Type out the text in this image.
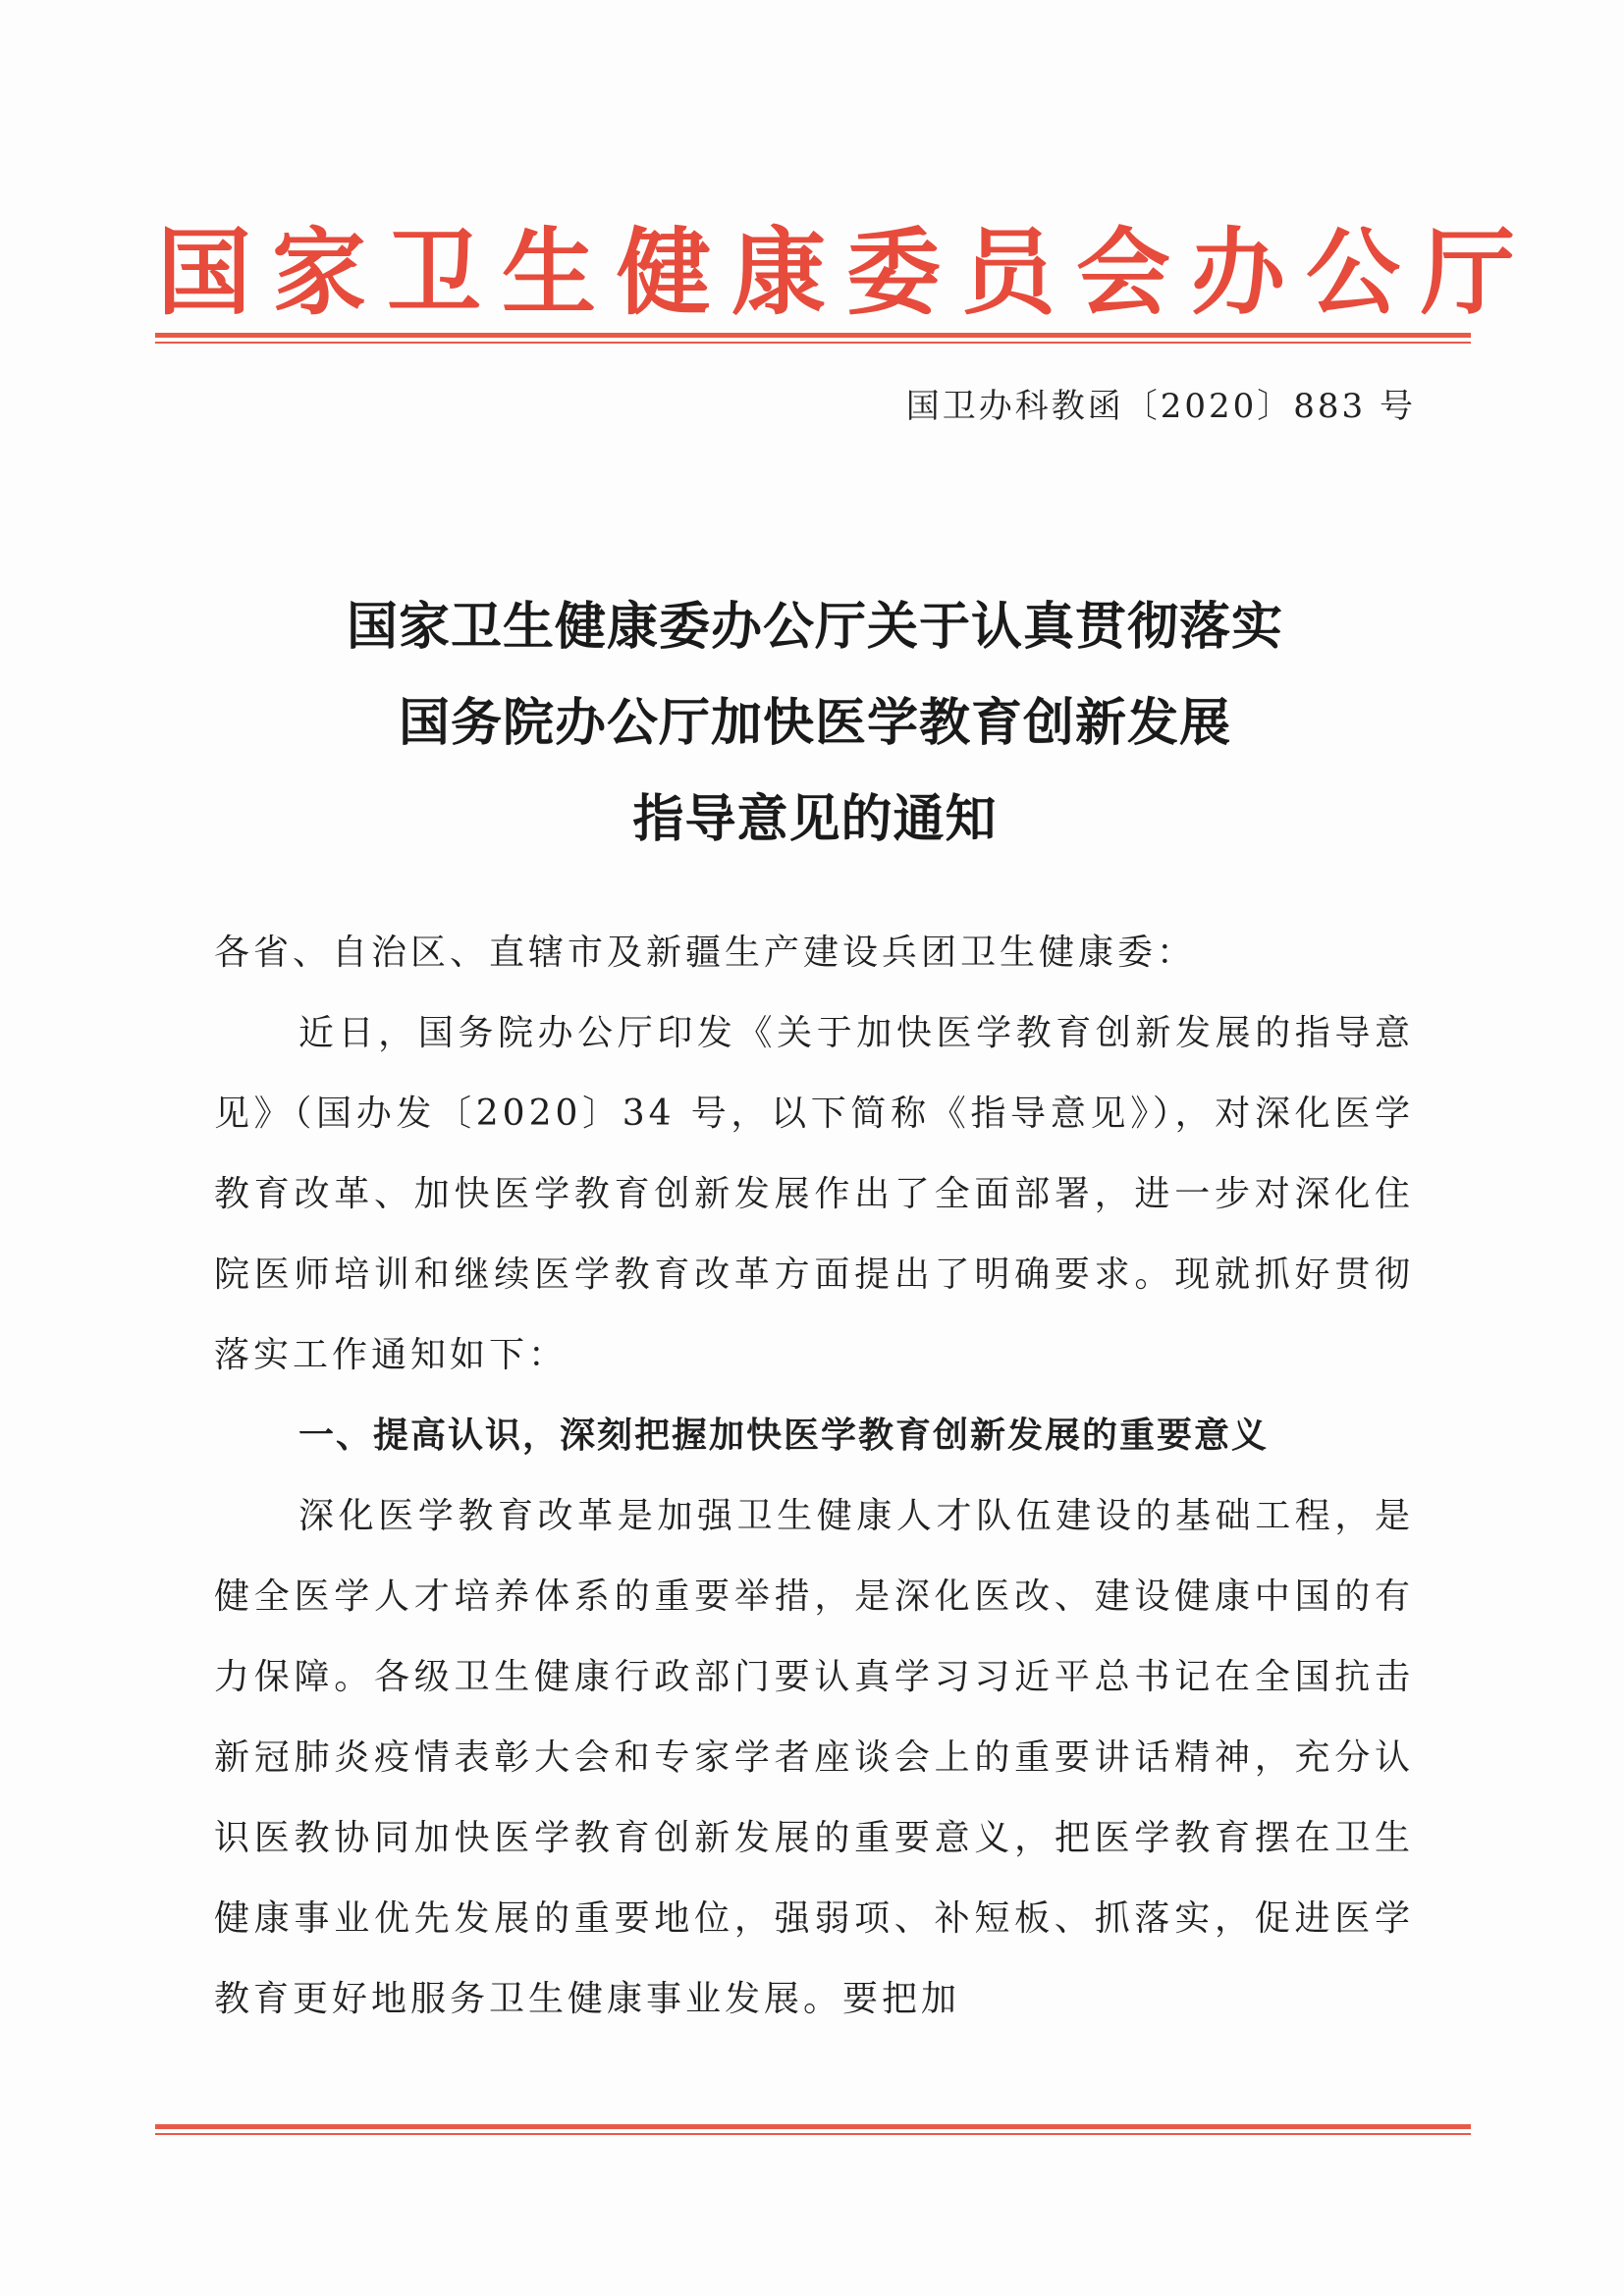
国家卫生健康委员会办公厅
国卫办科教函〔2020〕883 号
国家卫生健康委办公厅关于认真贯彻落实
国务院办公厅加快医学教育创新发展
指导意见的通知

各省、自治区、直辖市及新疆生产建设兵团卫生健康委：

近日，国务院办公厅印发《关于加快医学教育创新发展的指导意见》（国办发〔2020〕34 号，以下简称《指导意见》），对深化医学教育改革、加快医学教育创新发展作出了全面部署，进一步对深化住院医师培训和继续医学教育改革方面提出了明确要求。现就抓好贯彻落实工作通知如下：

一、提高认识，深刻把握加快医学教育创新发展的重要意义

深化医学教育改革是加强卫生健康人才队伍建设的基础工程，是健全医学人才培养体系的重要举措，是深化医改、建设健康中国的有力保障。各级卫生健康行政部门要认真学习习近平总书记在全国抗击新冠肺炎疫情表彰大会和专家学者座谈会上的重要讲话精神，充分认识医教协同加快医学教育创新发展的重要意义，把医学教育摆在卫生健康事业优先发展的重要地位，强弱项、补短板、抓落实，促进医学教育更好地服务卫生健康事业发展。要把加
